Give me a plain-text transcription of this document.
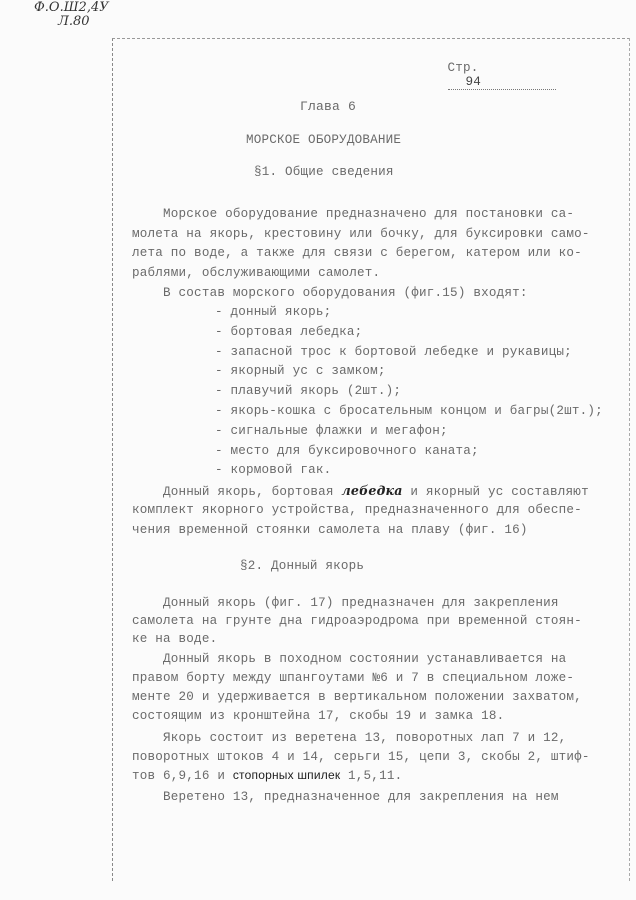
Ф.О.Ш2,4У
Л.80

Стр.
94

Глава 6
МОРСКОЕ ОБОРУДОВАНИЕ
§1. Общие сведения
Морское оборудование предназначено для постановки са-
молета на якорь, крестовину или бочку, для буксировки само-
лета по воде, а также для связи с берегом, катером или ко-
раблями, обслуживающими самолет.
В состав морского оборудования (фиг.15) входят:
- донный якорь;
- бортовая лебедка;
- запасной трос к бортовой лебедке и рукавицы;
- якорный ус с замком;
- плавучий якорь (2шт.);
- якорь-кошка с бросательным концом и багры(2шт.);
- сигнальные флажки и мегафон;
- место для буксировочного каната;
- кормовой гак.
Донный якорь, бортовая лебедка и якорный ус составляют
комплект якорного устройства, предназначенного для обеспе-
чения временной стоянки самолета на плаву (фиг. 16)
§2. Донный якорь
Донный якорь (фиг. 17) предназначен для закрепления
самолета на грунте дна гидроаэродрома при временной стоян-
ке на воде.
Донный якорь в походном состоянии устанавливается на
правом борту между шпангоутами №6 и 7 в специальном ложе-
менте 20 и удерживается в вертикальном положении захватом,
состоящим из кронштейна 17, скобы 19 и замка 18.
Якорь состоит из веретена 13, поворотных лап 7 и 12,
поворотных штоков 4 и 14, серьги 15, цепи 3, скобы 2, штиф-
тов 6,9,16 и стопорных шпилек 1,5,11.
Веретено 13, предназначенное для закрепления на нем
